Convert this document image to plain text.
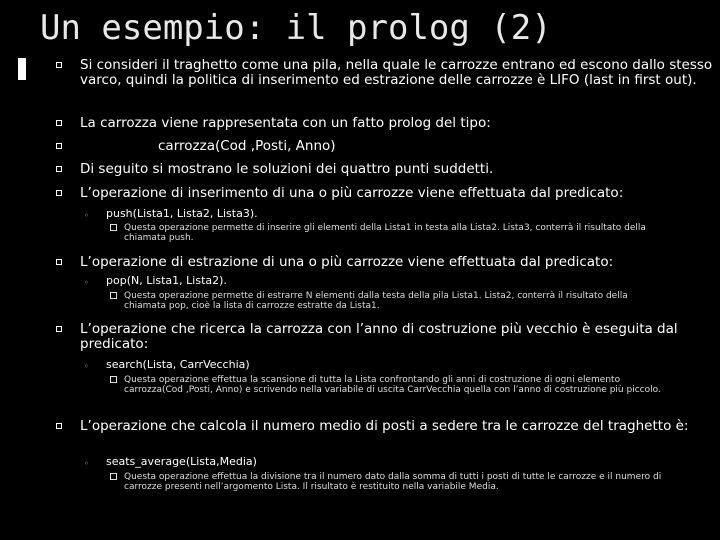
Un esempio: il prolog (2)
Si consideri il traghetto come una pila, nella quale le carrozze entrano ed escono dallo stesso varco, quindi la politica di inserimento ed estrazione delle carrozze è LIFO (last in first out).
La carrozza viene rappresentata con un fatto prolog del tipo:
carrozza(Cod ,Posti, Anno)
Di seguito si mostrano le soluzioni dei quattro punti suddetti.
L’operazione di inserimento di una o più carrozze viene effettuata dal predicato:
◦ push(Lista1, Lista2, Lista3).
Questa operazione permette di inserire gli elementi della Lista1 in testa alla Lista2. Lista3, conterrà il risultato della chiamata push.
L’operazione di estrazione di una o più carrozze viene effettuata dal predicato:
◦ pop(N, Lista1, Lista2).
Questa operazione permette di estrarre N elementi dalla testa della pila Lista1. Lista2, conterrà il risultato della chiamata pop, cioè la lista di carrozze estratte da Lista1.
L’operazione che ricerca la carrozza con l’anno di costruzione più vecchio è eseguita dal predicato:
◦ search(Lista, CarrVecchia)
Questa operazione effettua la scansione di tutta la Lista confrontando gli anni di costruzione di ogni elemento carrozza(Cod ,Posti, Anno) e scrivendo nella variabile di uscita CarrVecchia quella con l’anno di costruzione più piccolo.
L’operazione che calcola il numero medio di posti a sedere tra le carrozze del traghetto è:
◦ seats_average(Lista,Media)
Questa operazione effettua la divisione tra il numero dato dalla somma di tutti i posti di tutte le carrozze e il numero di carrozze presenti nell’argomento Lista. Il risultato è restituito nella variabile Media.
